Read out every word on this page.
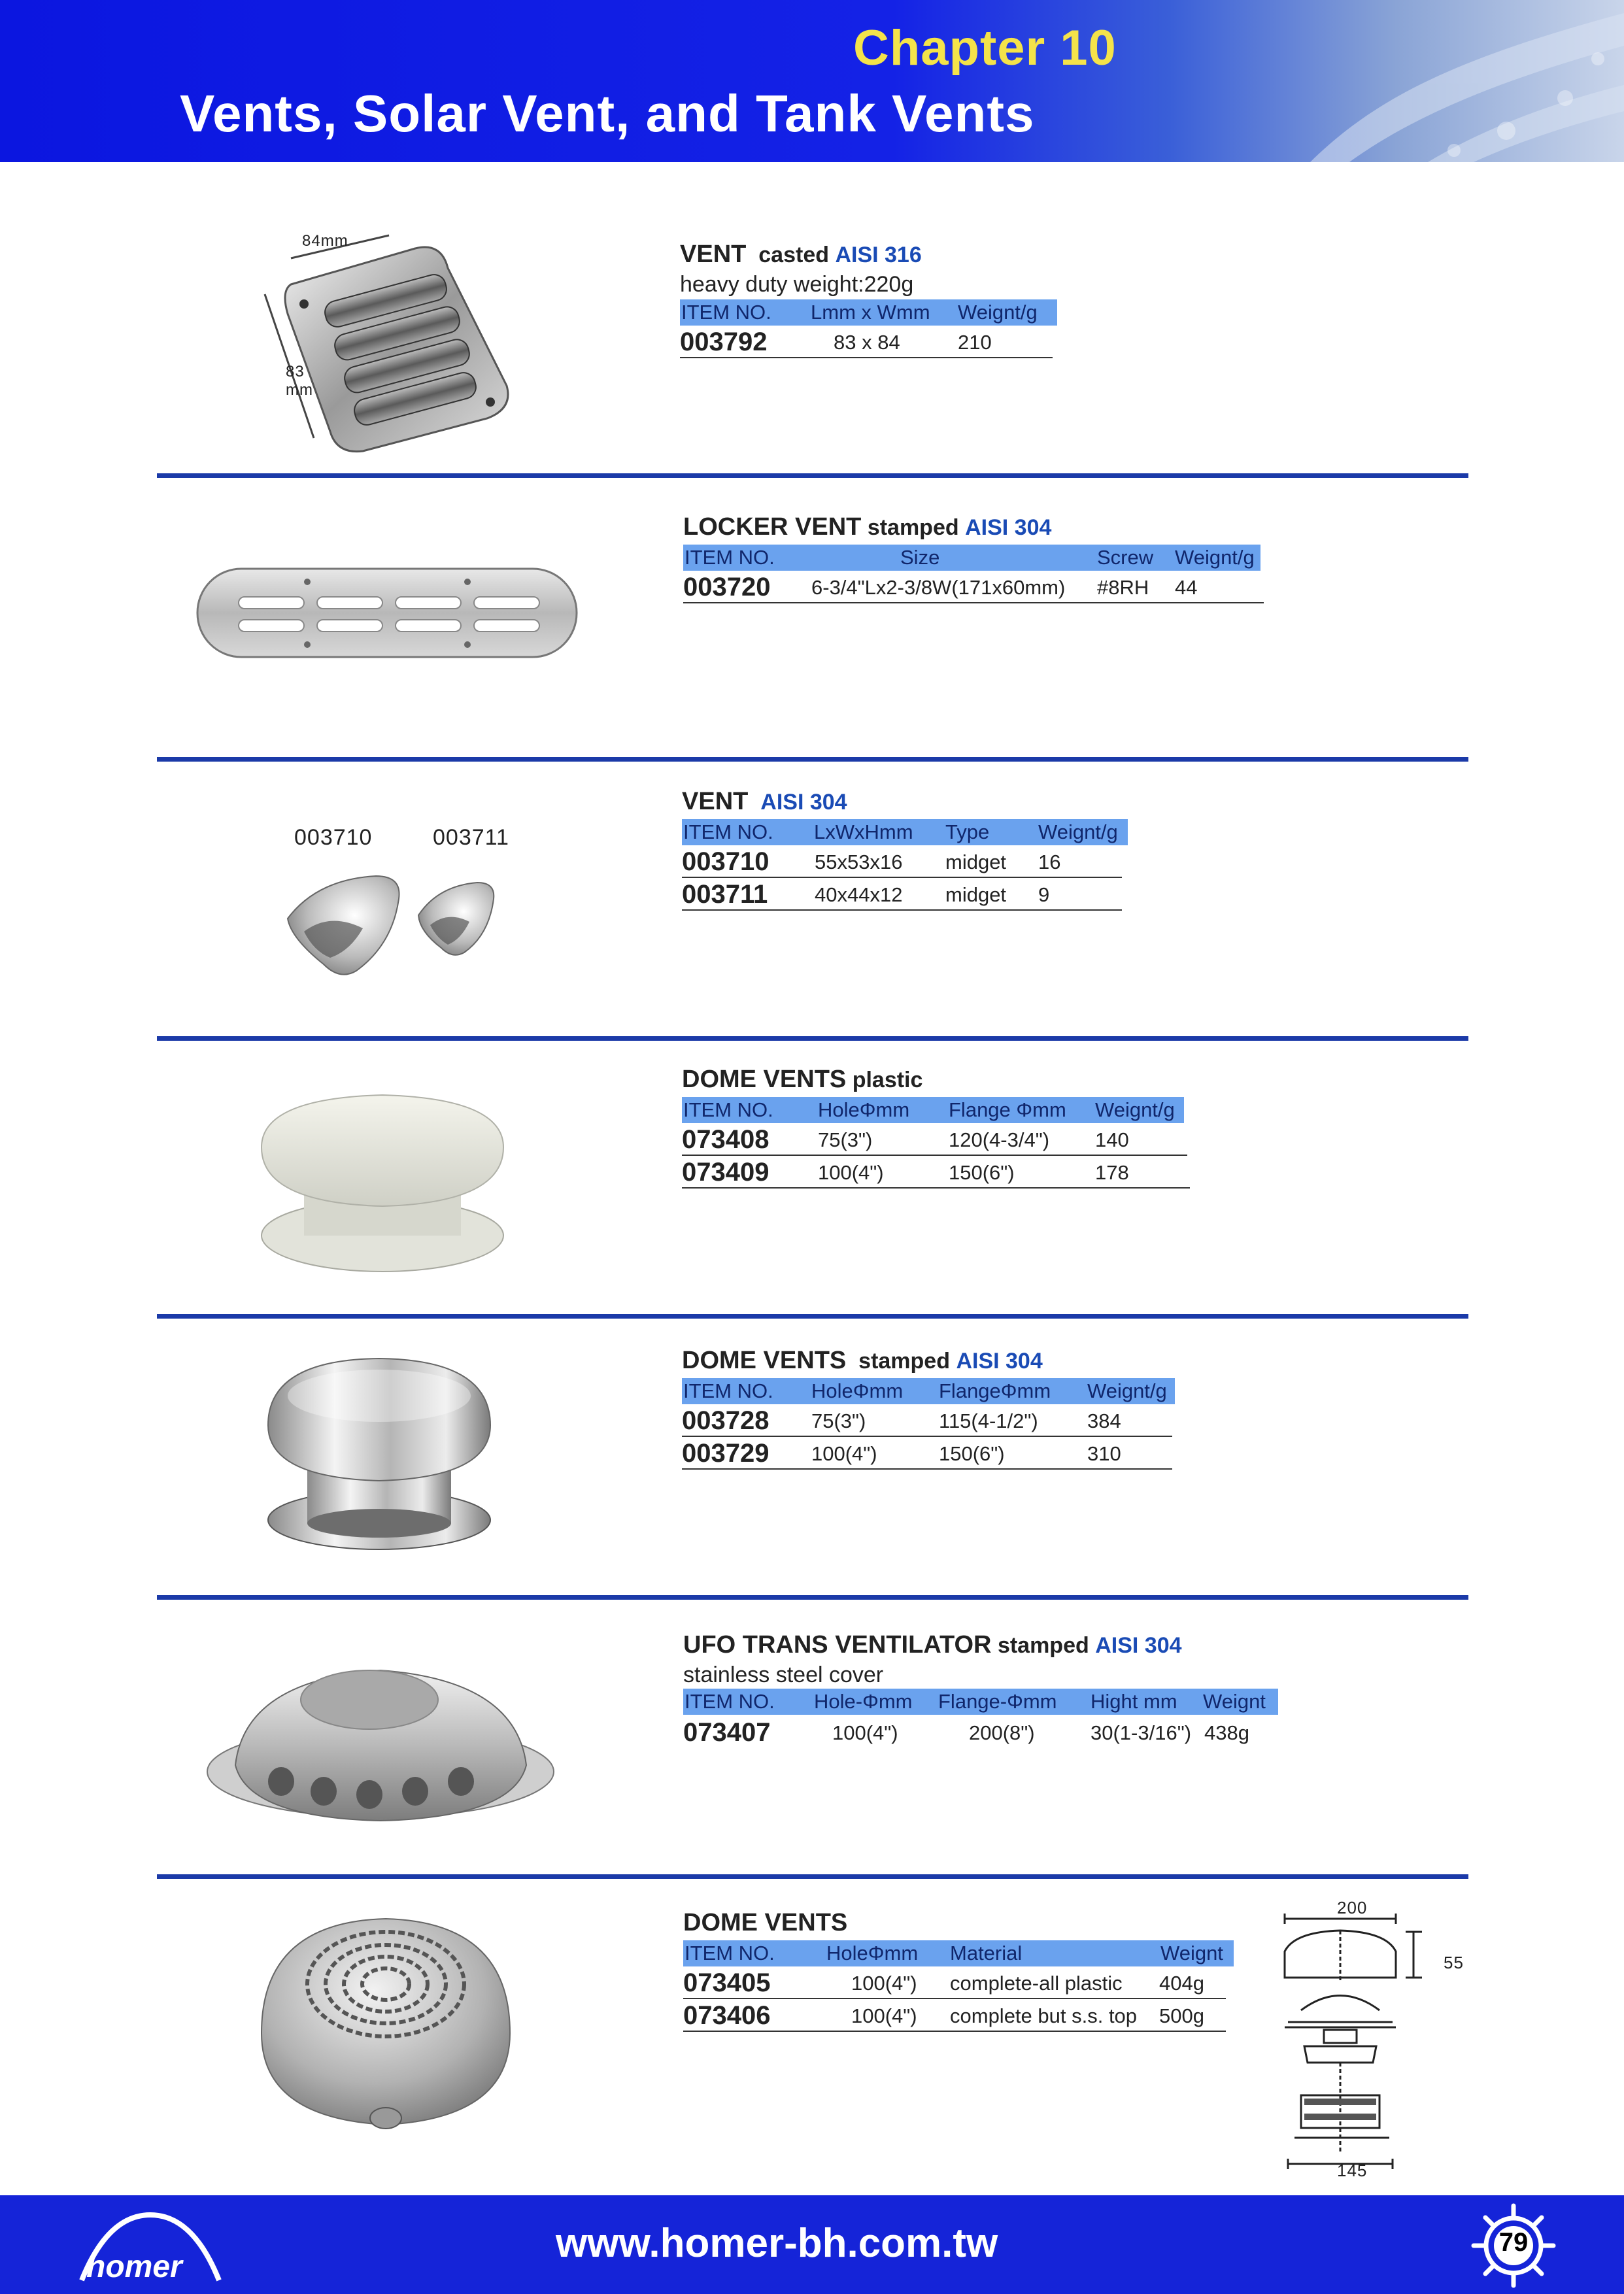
Chapter 10
Vents, Solar Vent, and Tank Vents
84mm
83
mm
VENT casted AISI 316
heavy duty weight:220g
ITEM NO. Lmm x Wmm Weignt/g
003792	83 x 84	210
LOCKER VENT stamped AISI 304
ITEM NO.	Size	Screw Weignt/g
003720 6-3/4"Lx2-3/8W(171x60mm) #8RH 44
003710	003711
VENT AISI 304
ITEM NO. LxWxHmm Type Weignt/g
003710 55x53x16 midget 16
003711 40x44x12 midget 9
DOME VENTS plastic
ITEM NO. HoleΦmm Flange Φmm Weignt/g
073408 75(3")	120(4-3/4") 140
073409 100(4")	150(6")	178
DOME VENTS stamped AISI 304
ITEM NO. HoleΦmm FlangeΦmm Weignt/g
003728 75(3")	115(4-1/2") 384
003729 100(4")	150(6")	310
UFO TRANS VENTILATOR stamped AISI 304
stainless steel cover
ITEM NO. Hole-Φmm Flange-Φmm Hight mm Weignt
073407	100(4")	200(8")	30(1-3/16") 438g
DOME VENTS
ITEM NO.	HoleΦmm Material	Weignt
073405	100(4") complete-all plastic 404g
073406	100(4") complete but s.s. top 500g
200
55
145
homer
www.homer-bh.com.tw	79
